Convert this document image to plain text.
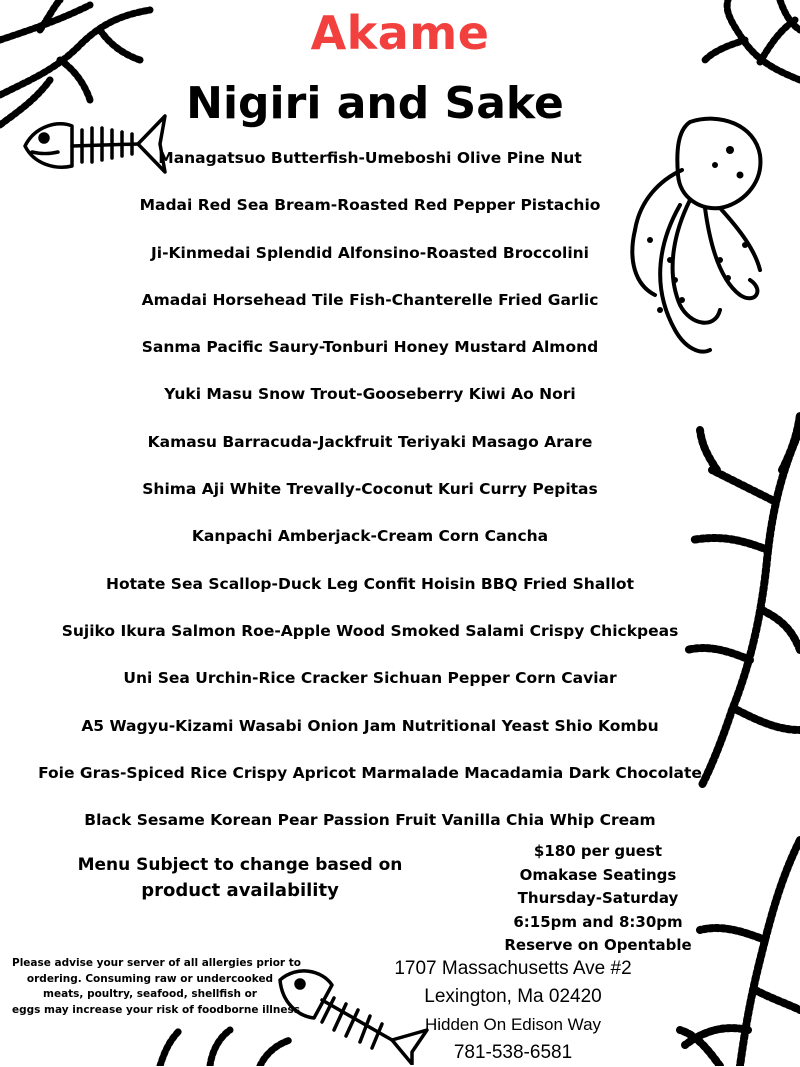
Akame
Nigiri and Sake
Managatsuo Butterfish-Umeboshi Olive Pine Nut
Madai Red Sea Bream-Roasted Red Pepper Pistachio
Ji-Kinmedai Splendid Alfonsino-Roasted Broccolini
Amadai Horsehead Tile Fish-Chanterelle Fried Garlic
Sanma Pacific Saury-Tonburi Honey Mustard Almond
Yuki Masu Snow Trout-Gooseberry Kiwi Ao Nori
Kamasu Barracuda-Jackfruit Teriyaki Masago Arare
Shima Aji White Trevally-Coconut Kuri Curry Pepitas
Kanpachi Amberjack-Cream Corn Cancha
Hotate Sea Scallop-Duck Leg Confit Hoisin BBQ Fried Shallot
Sujiko Ikura Salmon Roe-Apple Wood Smoked Salami Crispy Chickpeas
Uni Sea Urchin-Rice Cracker Sichuan Pepper Corn Caviar
A5 Wagyu-Kizami Wasabi Onion Jam Nutritional Yeast Shio Kombu
Foie Gras-Spiced Rice Crispy Apricot Marmalade Macadamia Dark Chocolate
Black Sesame Korean Pear Passion Fruit Vanilla Chia Whip Cream
Menu Subject to change based on
product availability
$180 per guest
Omakase Seatings
Thursday-Saturday
6:15pm and 8:30pm
Reserve on Opentable
Please advise your server of all allergies prior to
ordering. Consuming raw or undercooked
meats, poultry, seafood, shellfish or
eggs may increase your risk of foodborne illness
1707 Massachusetts Ave #2
Lexington, Ma 02420
Hidden On Edison Way
781-538-6581
